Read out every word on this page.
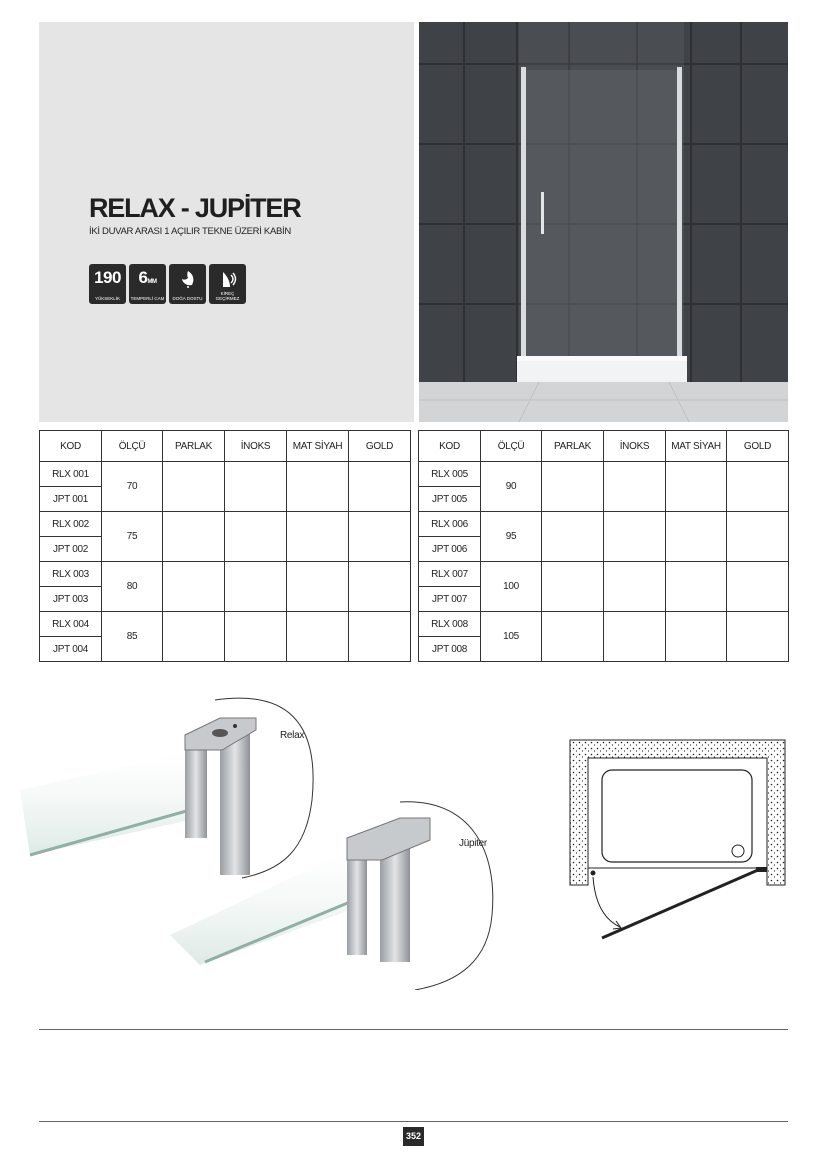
RELAX - JUPİTER
İKİ DUVAR ARASI 1 AÇILIR TEKNE ÜZERİ KABİN
190
YÜKSEKLİK
6MM
TEMPERLİ CAM	DOĞA DOSTU
KİREÇ GEÇİRMEZ
KOD	ÖLÇÜ	PARLAK	İNOKS	MAT SİYAH	GOLD
RLX 001	70				
JPT 001					
RLX 002	75				
JPT 002					
RLX 003	80				
JPT 003					
RLX 004	85				
JPT 004					
KOD	ÖLÇÜ	PARLAK	İNOKS	MAT SİYAH	GOLD
RLX 005	90				
JPT 005					
RLX 006	95				
JPT 006					
RLX 007	100				
JPT 007					
RLX 008	105				
JPT 008					
Relax
Jüpiter
352
